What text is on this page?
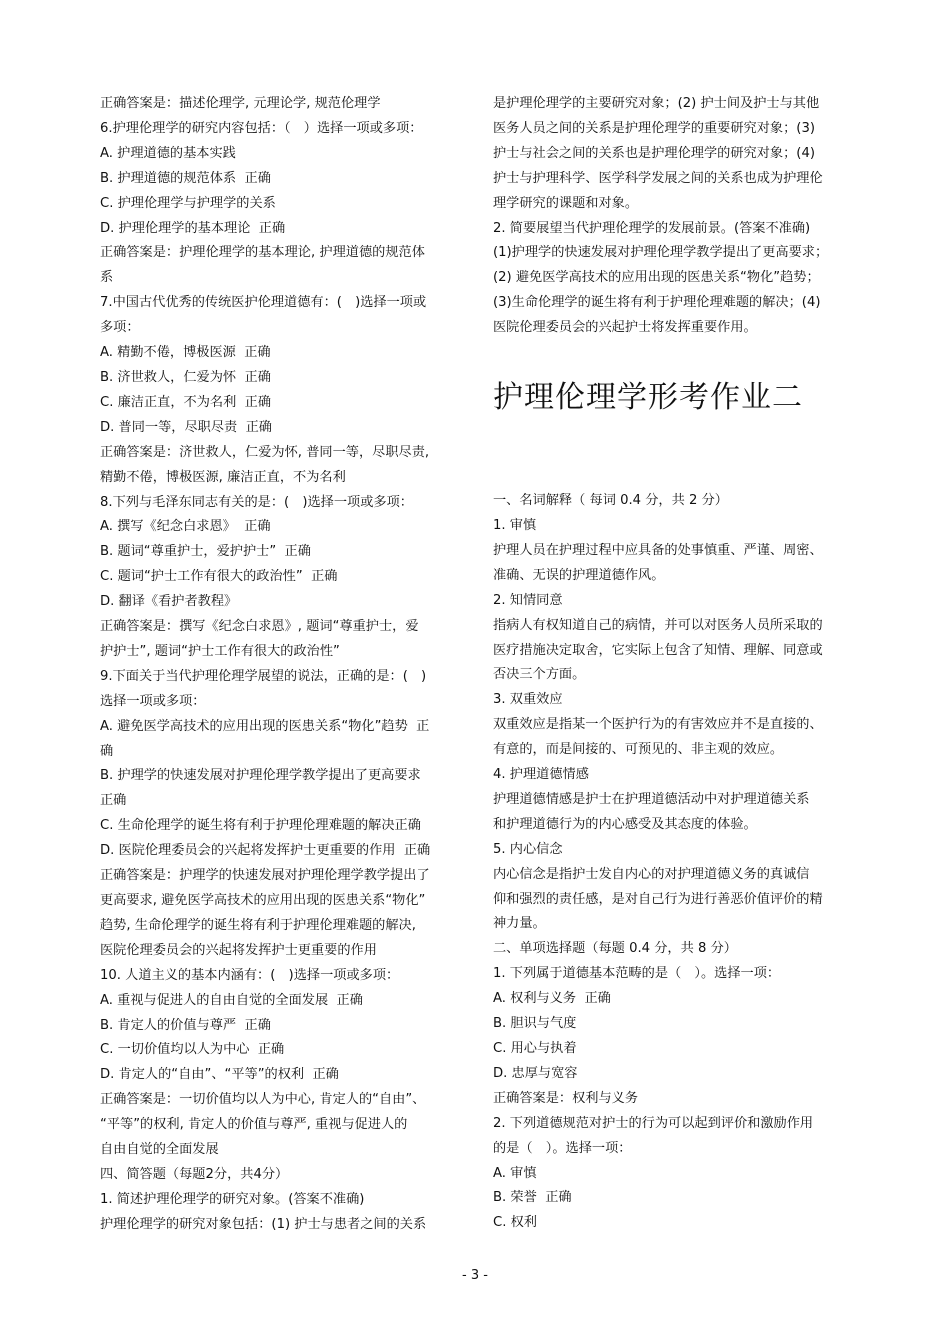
正确答案是：描述伦理学, 元理论学, 规范伦理学
6.护理伦理学的研究内容包括：（　）选择一项或多项：
A. 护理道德的基本实践
B. 护理道德的规范体系  正确
C. 护理伦理学与护理学的关系
D. 护理伦理学的基本理论  正确
正确答案是：护理伦理学的基本理论, 护理道德的规范体
系
7.中国古代优秀的传统医护伦理道德有：(　)选择一项或
多项：
A. 精勤不倦，博极医源  正确
B. 济世救人，仁爱为怀  正确
C. 廉洁正直，不为名利  正确
D. 普同一等，尽职尽责  正确
正确答案是：济世救人，仁爱为怀, 普同一等，尽职尽责,
精勤不倦，博极医源, 廉洁正直，不为名利
8.下列与毛泽东同志有关的是：(　)选择一项或多项：
A. 撰写《纪念白求恩》  正确
B. 题词“尊重护士，爱护护士”  正确
C. 题词“护士工作有很大的政治性”  正确
D. 翻译《看护者教程》
正确答案是：撰写《纪念白求恩》, 题词“尊重护士，爱
护护士”, 题词“护士工作有很大的政治性”
9.下面关于当代护理伦理学展望的说法，正确的是：(　)
选择一项或多项：
A. 避免医学高技术的应用出现的医患关系“物化”趋势  正
确
B. 护理学的快速发展对护理伦理学教学提出了更高要求
正确
C. 生命伦理学的诞生将有利于护理伦理难题的解决正确
D. 医院伦理委员会的兴起将发挥护士更重要的作用  正确
正确答案是：护理学的快速发展对护理伦理学教学提出了
更高要求, 避免医学高技术的应用出现的医患关系“物化”
趋势, 生命伦理学的诞生将有利于护理伦理难题的解决,
医院伦理委员会的兴起将发挥护士更重要的作用
10. 人道主义的基本内涵有：(　)选择一项或多项：
A. 重视与促进人的自由自觉的全面发展  正确
B. 肯定人的价值与尊严  正确
C. 一切价值均以人为中心  正确
D. 肯定人的“自由”、“平等”的权利  正确
正确答案是：一切价值均以人为中心, 肯定人的“自由”、
“平等”的权利, 肯定人的价值与尊严, 重视与促进人的
自由自觉的全面发展
四、简答题（每题2分，共4分）
1. 简述护理伦理学的研究对象。(答案不准确)
护理伦理学的研究对象包括：(1) 护士与患者之间的关系
是护理伦理学的主要研究对象；(2) 护士间及护士与其他
医务人员之间的关系是护理伦理学的重要研究对象；(3)
护士与社会之间的关系也是护理伦理学的研究对象；(4)
护士与护理科学、医学科学发展之间的关系也成为护理伦
理学研究的课题和对象。
2. 简要展望当代护理伦理学的发展前景。(答案不准确)
(1)护理学的快速发展对护理伦理学教学提出了更高要求；
(2) 避免医学高技术的应用出现的医患关系“物化”趋势；
(3)生命伦理学的诞生将有利于护理伦理难题的解决；(4)
医院伦理委员会的兴起护士将发挥重要作用。
护理伦理学形考作业二
一、名词解释（ 每词 0.4 分，共 2 分）
1. 审慎
护理人员在护理过程中应具备的处事慎重、严谨、周密、
准确、无误的护理道德作风。
2. 知情同意
指病人有权知道自己的病情，并可以对医务人员所采取的
医疗措施决定取舍，它实际上包含了知情、理解、同意或
否决三个方面。
3. 双重效应
双重效应是指某一个医护行为的有害效应并不是直接的、
有意的，而是间接的、可预见的、非主观的效应。
4. 护理道德情感
护理道德情感是护士在护理道德活动中对护理道德关系
和护理道德行为的内心感受及其态度的体验。
5. 内心信念
内心信念是指护士发自内心的对护理道德义务的真诚信
仰和强烈的责任感，是对自己行为进行善恶价值评价的精
神力量。
二、单项选择题（每题 0.4 分，共 8 分）
1. 下列属于道德基本范畴的是（　）。选择一项：
A. 权利与义务  正确
B. 胆识与气度
C. 用心与执着
D. 忠厚与宽容
正确答案是：权利与义务
2. 下列道德规范对护士的行为可以起到评价和激励作用
的是（　）。选择一项：
A. 审慎
B. 荣誉  正确
C. 权利
- 3 -
